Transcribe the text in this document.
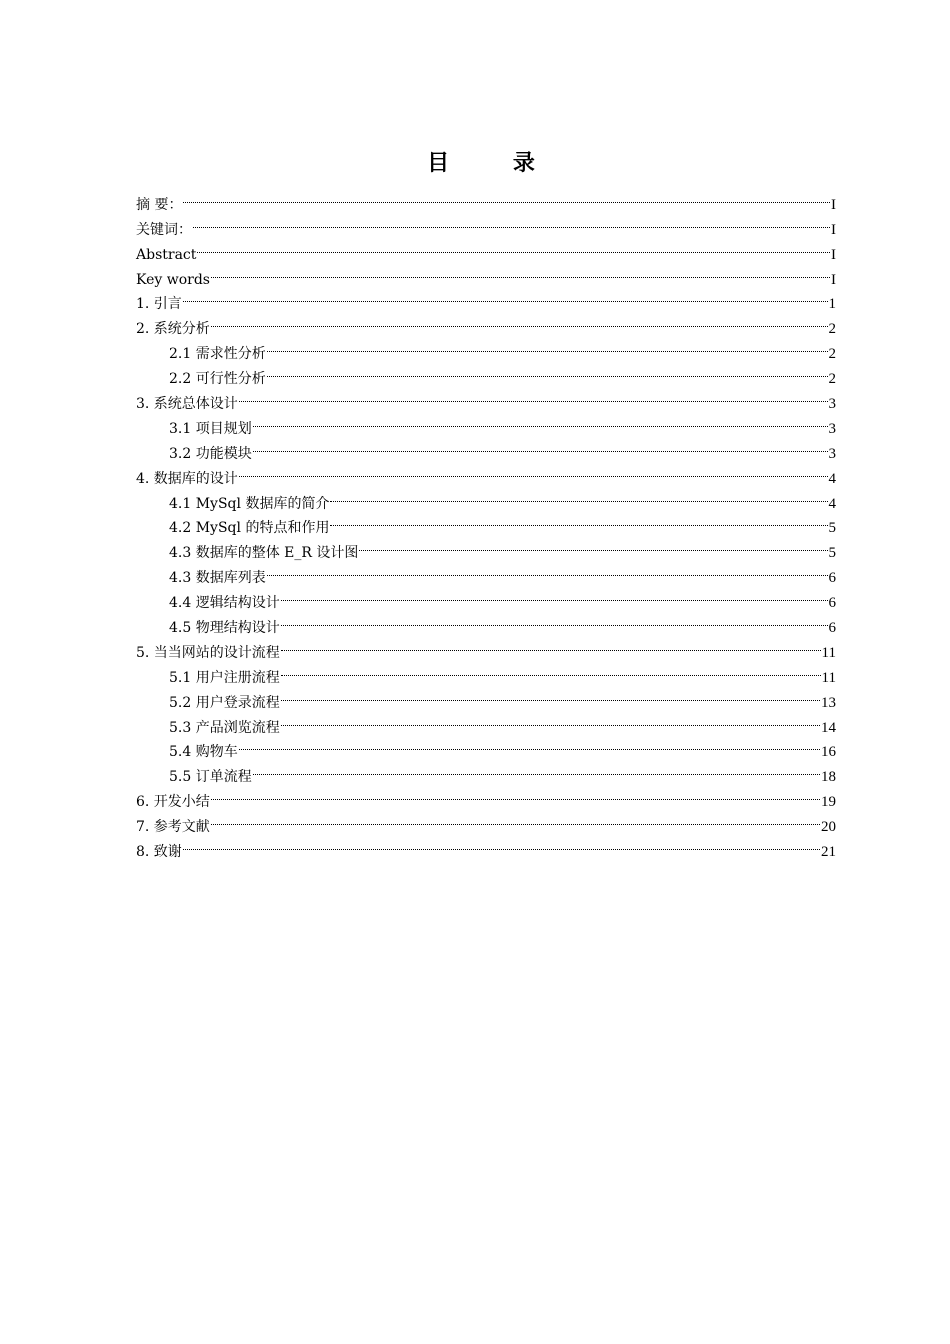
目 录
摘 要：	I
关键词：	I
Abstract	I
Key words	I
1. 引言	1
2. 系统分析	2
2.1 需求性分析	2
2.2 可行性分析	2
3. 系统总体设计	3
3.1 项目规划	3
3.2 功能模块	3
4. 数据库的设计	4
4.1 MySql 数据库的简介	4
4.2 MySql 的特点和作用	5
4.3 数据库的整体 E_R 设计图	5
4.3 数据库列表	6
4.4 逻辑结构设计	6
4.5 物理结构设计	6
5. 当当网站的设计流程	11
5.1 用户注册流程	11
5.2 用户登录流程	13
5.3 产品浏览流程	14
5.4 购物车	16
5.5 订单流程	18
6. 开发小结	19
7. 参考文献	20
8. 致谢	21
